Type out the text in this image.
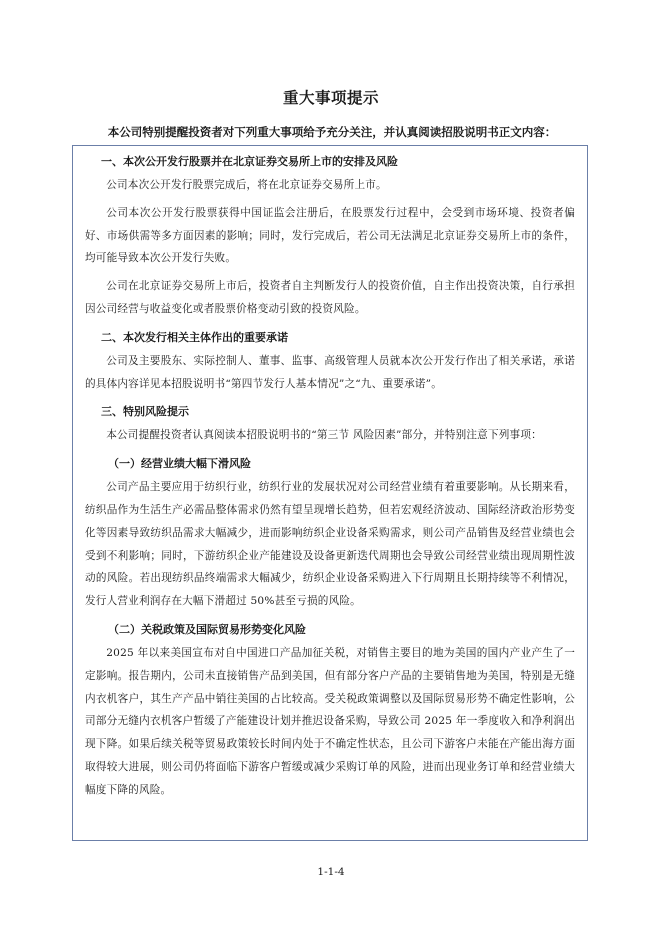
重大事项提示
本公司特别提醒投资者对下列重大事项给予充分关注，并认真阅读招股说明书正文内容：
一、本次公开发行股票并在北京证券交易所上市的安排及风险

公司本次公开发行股票完成后，将在北京证券交易所上市。

公司本次公开发行股票获得中国证监会注册后，在股票发行过程中，会受到市场环境、投资者偏好、市场供需等多方面因素的影响；同时，发行完成后，若公司无法满足北京证券交易所上市的条件，均可能导致本次公开发行失败。

公司在北京证券交易所上市后，投资者自主判断发行人的投资价值，自主作出投资决策，自行承担因公司经营与收益变化或者股票价格变动引致的投资风险。

二、本次发行相关主体作出的重要承诺

公司及主要股东、实际控制人、董事、监事、高级管理人员就本次公开发行作出了相关承诺，承诺的具体内容详见本招股说明书“第四节发行人基本情况”之“九、重要承诺”。

三、特别风险提示

本公司提醒投资者认真阅读本招股说明书的“第三节 风险因素”部分，并特别注意下列事项：

（一）经营业绩大幅下滑风险

公司产品主要应用于纺织行业，纺织行业的发展状况对公司经营业绩有着重要影响。从长期来看，纺织品作为生活生产必需品整体需求仍然有望呈现增长趋势，但若宏观经济波动、国际经济政治形势变化等因素导致纺织品需求大幅减少，进而影响纺织企业设备采购需求，则公司产品销售及经营业绩也会受到不利影响；同时，下游纺织企业产能建设及设备更新迭代周期也会导致公司经营业绩出现周期性波动的风险。若出现纺织品终端需求大幅减少，纺织企业设备采购进入下行周期且长期持续等不利情况，发行人营业利润存在大幅下滑超过 50%甚至亏损的风险。

（二）关税政策及国际贸易形势变化风险

2025 年以来美国宣布对自中国进口产品加征关税，对销售主要目的地为美国的国内产业产生了一定影响。报告期内，公司未直接销售产品到美国，但有部分客户产品的主要销售地为美国，特别是无缝内衣机客户，其生产产品中销往美国的占比较高。受关税政策调整以及国际贸易形势不确定性影响，公司部分无缝内衣机客户暂缓了产能建设计划并推迟设备采购，导致公司 2025 年一季度收入和净利润出现下降。如果后续关税等贸易政策较长时间内处于不确定性状态，且公司下游客户未能在产能出海方面取得较大进展，则公司仍将面临下游客户暂缓或减少采购订单的风险，进而出现业务订单和经营业绩大幅度下降的风险。

1-1-4
